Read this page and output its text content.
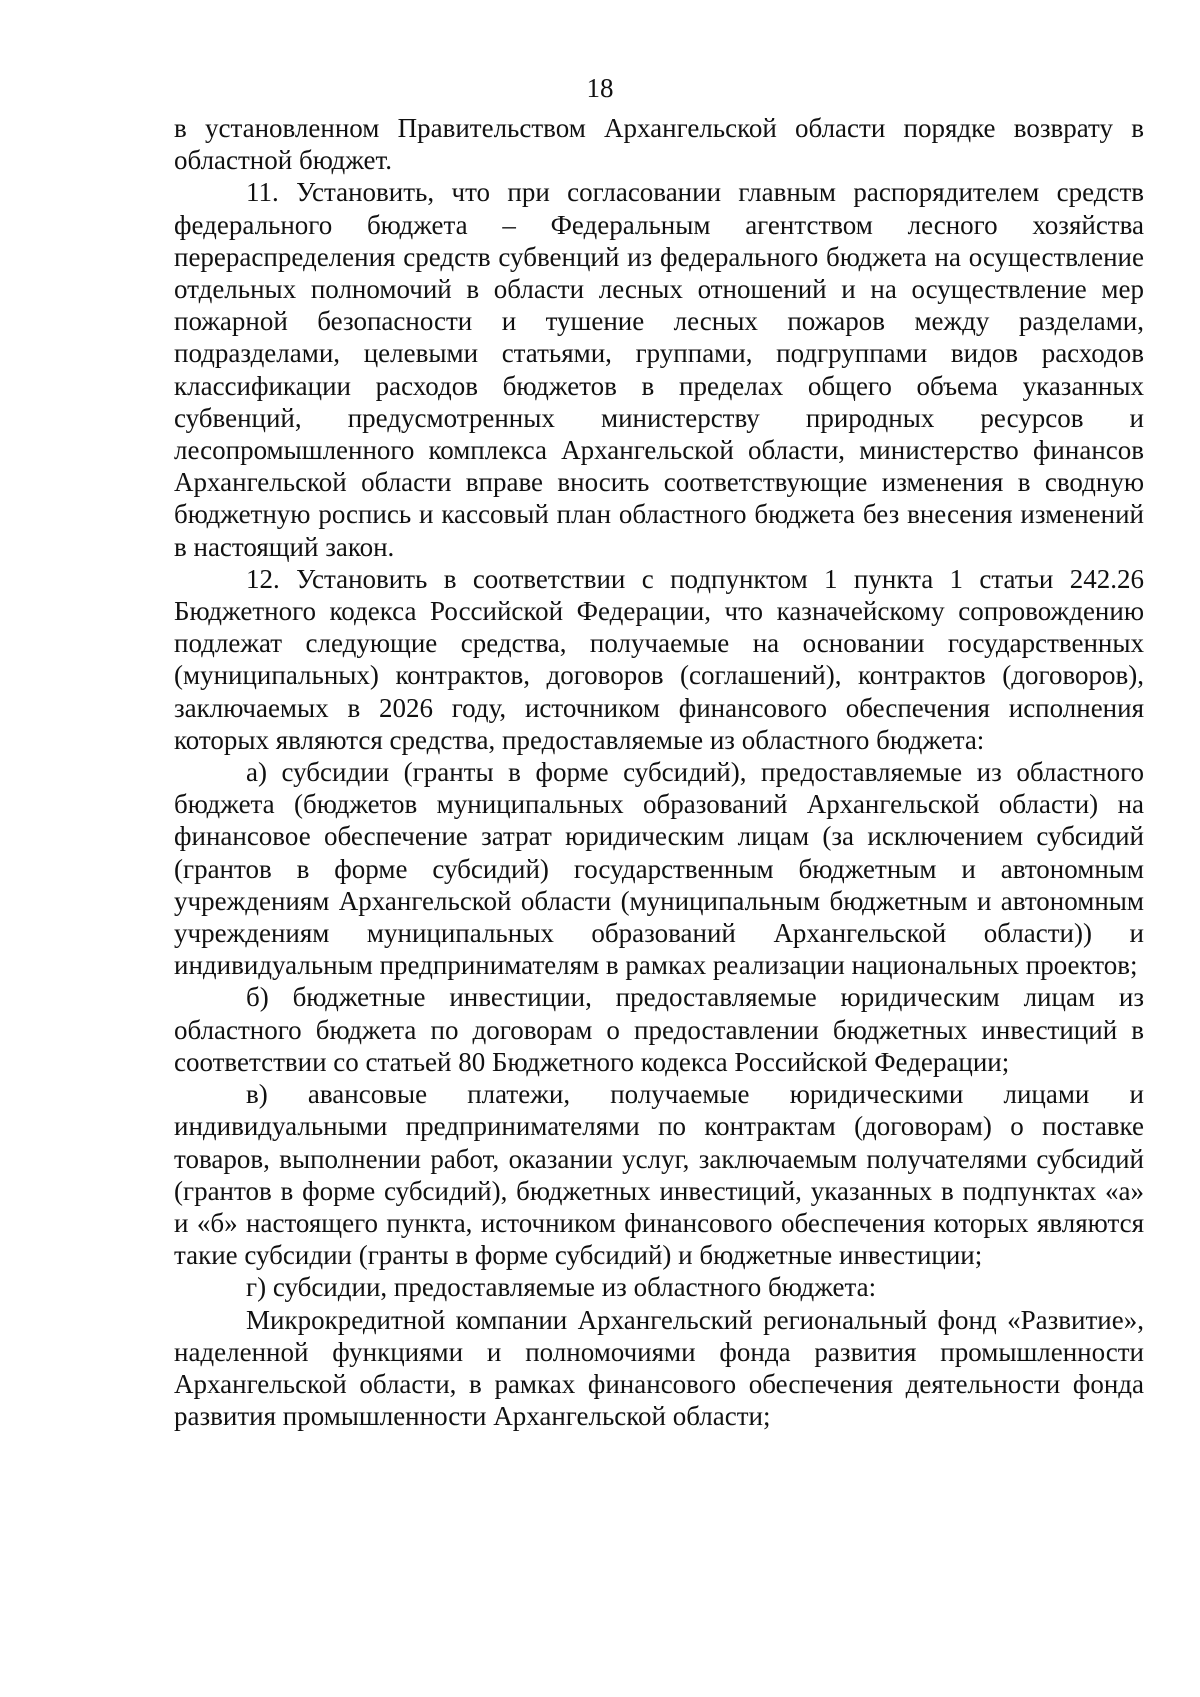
18

в установленном Правительством Архангельской области порядке возврату в областной бюджет.

11. Установить, что при согласовании главным распорядителем средств федерального бюджета – Федеральным агентством лесного хозяйства перераспределения средств субвенций из федерального бюджета на осуществление отдельных полномочий в области лесных отношений и на осуществление мер пожарной безопасности и тушение лесных пожаров между разделами, подразделами, целевыми статьями, группами, подгруппами видов расходов классификации расходов бюджетов в пределах общего объема указанных субвенций, предусмотренных министерству природных ресурсов и лесопромышленного комплекса Архангельской области, министерство финансов Архангельской области вправе вносить соответствующие изменения в сводную бюджетную роспись и кассовый план областного бюджета без внесения изменений в настоящий закон.

12. Установить в соответствии с подпунктом 1 пункта 1 статьи 242.26 Бюджетного кодекса Российской Федерации, что казначейскому сопровождению подлежат следующие средства, получаемые на основании государственных (муниципальных) контрактов, договоров (соглашений), контрактов (договоров), заключаемых в 2026 году, источником финансового обеспечения исполнения которых являются средства, предоставляемые из областного бюджета:

а) субсидии (гранты в форме субсидий), предоставляемые из областного бюджета (бюджетов муниципальных образований Архангельской области) на финансовое обеспечение затрат юридическим лицам (за исключением субсидий (грантов в форме субсидий) государственным бюджетным и автономным учреждениям Архангельской области (муниципальным бюджетным и автономным учреждениям муниципальных образований Архангельской области)) и индивидуальным предпринимателям в рамках реализации национальных проектов;

б) бюджетные инвестиции, предоставляемые юридическим лицам из областного бюджета по договорам о предоставлении бюджетных инвестиций в соответствии со статьей 80 Бюджетного кодекса Российской Федерации;

в) авансовые платежи, получаемые юридическими лицами и индивидуальными предпринимателями по контрактам (договорам) о поставке товаров, выполнении работ, оказании услуг, заключаемым получателями субсидий (грантов в форме субсидий), бюджетных инвестиций, указанных в подпунктах «а» и «б» настоящего пункта, источником финансового обеспечения которых являются такие субсидии (гранты в форме субсидий) и бюджетные инвестиции;

г) субсидии, предоставляемые из областного бюджета:

Микрокредитной компании Архангельский региональный фонд «Развитие», наделенной функциями и полномочиями фонда развития промышленности Архангельской области, в рамках финансового обеспечения деятельности фонда развития промышленности Архангельской области;
